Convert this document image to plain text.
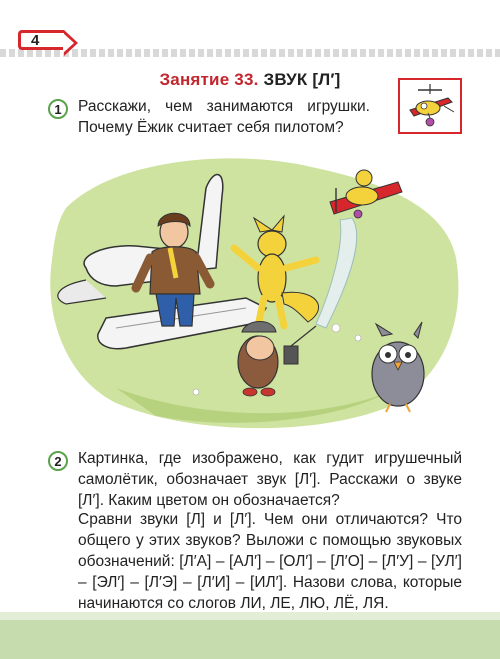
4
Занятие 33. ЗВУК [Л′]
1	Расскажи, чем занимаются игрушки. Почему Ёжик считает себя пилотом?
2	Картинка, где изображено, как гудит игрушечный самолётик, обозначает звук [Л′]. Расскажи о звуке [Л′]. Каким цветом он обозначается?
Сравни звуки [Л] и [Л′]. Чем они отличаются? Что общего у этих звуков? Выложи с помощью звуковых обозначений: [Л′А] – [АЛ′] – [ОЛ′] – [Л′О] – [Л′У] – [УЛ′] – [ЭЛ′] – [Л′Э] – [Л′И] – [ИЛ′]. Назови слова, которые начинаются со слогов ЛИ, ЛЕ, ЛЮ, ЛЁ, ЛЯ.
